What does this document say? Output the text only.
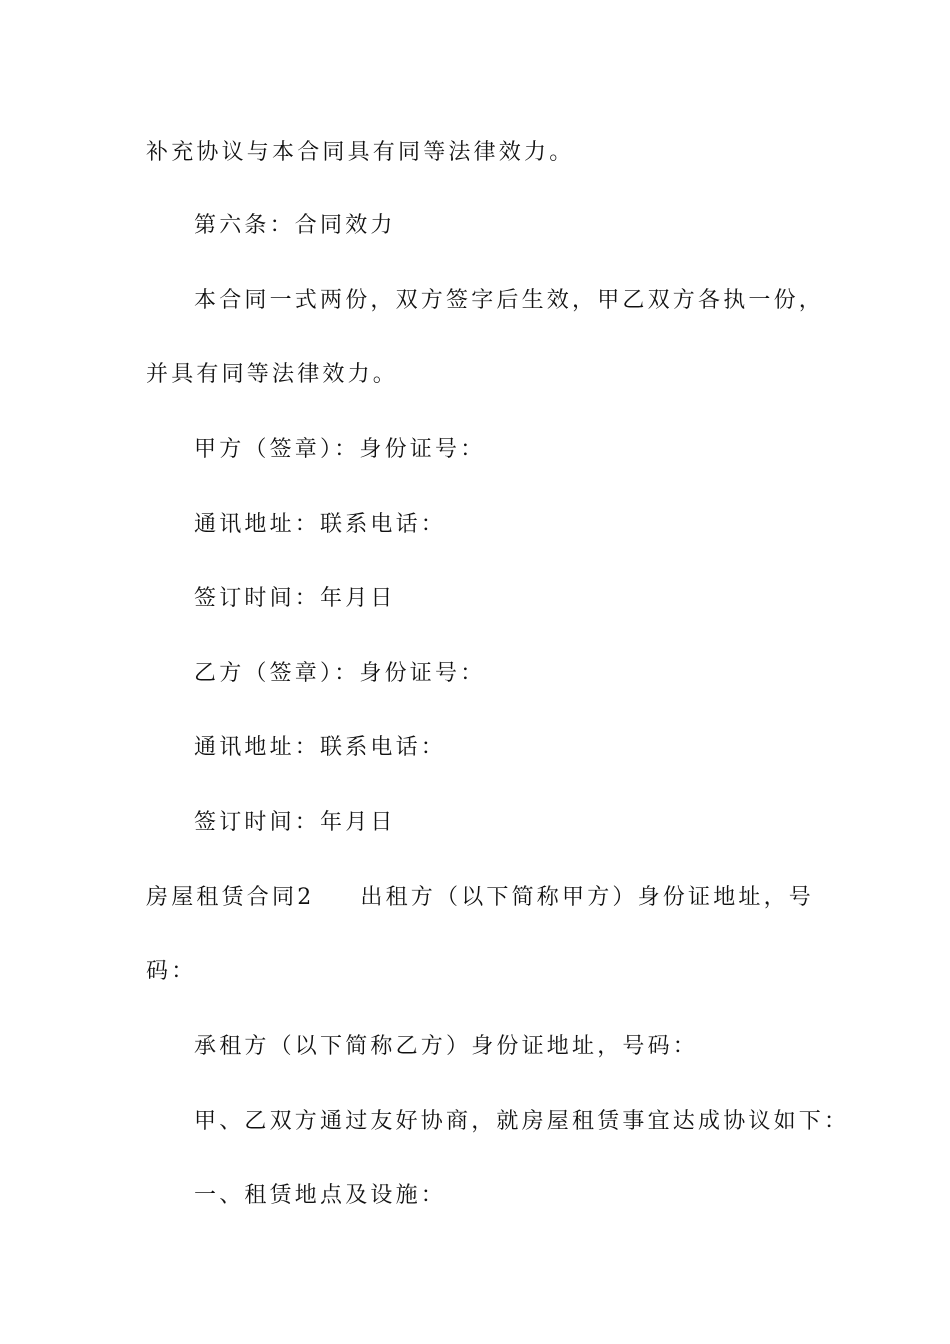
补充协议与本合同具有同等法律效力。
第六条：合同效力
本合同一式两份，双方签字后生效，甲乙双方各执一份，
并具有同等法律效力。
甲方（签章）：身份证号：
通讯地址：联系电话：
签订时间：年月日
乙方（签章）：身份证号：
通讯地址：联系电话：
签订时间：年月日
房屋租赁合同2 出租方（以下简称甲方）身份证地址，号
码：
承租方（以下简称乙方）身份证地址，号码：
甲、乙双方通过友好协商，就房屋租赁事宜达成协议如下：
一、租赁地点及设施：
